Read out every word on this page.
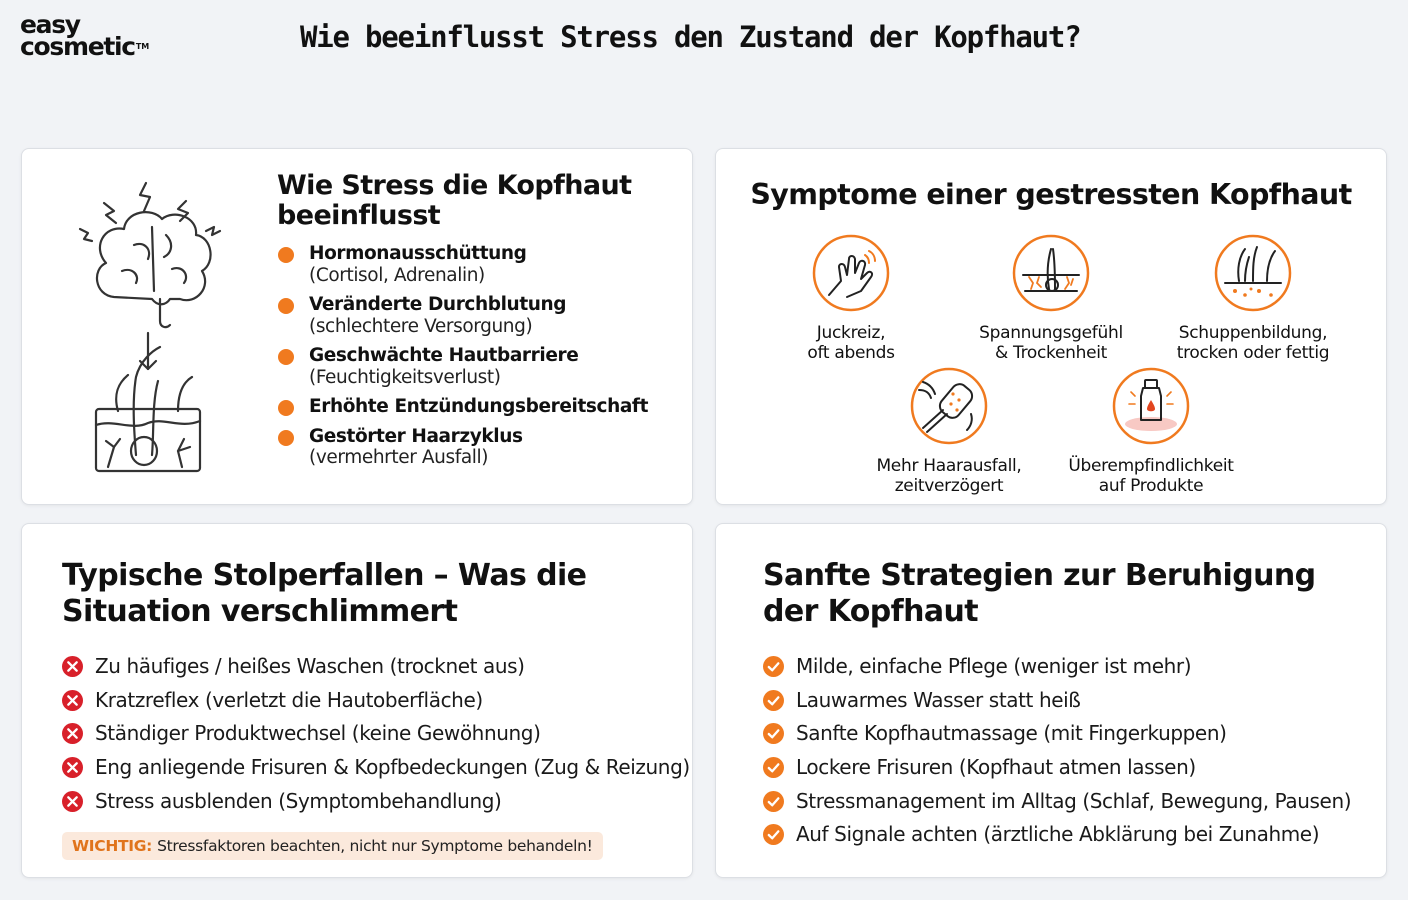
easy
cosmetic™	Wie beeinflusst Stress den Zustand der Kopfhaut?
Wie Stress die Kopfhaut beeinflusst
Hormonausschüttung
(Cortisol, Adrenalin)
Veränderte Durchblutung
(schlechtere Versorgung)
Geschwächte Hautbarriere
(Feuchtigkeitsverlust)
Erhöhte Entzündungsbereitschaft
Gestörter Haarzyklus
(vermehrter Ausfall)
Symptome einer gestressten Kopfhaut
Juckreiz,
oft abends
Spannungsgefühl
& Trockenheit
Schuppenbildung,
trocken oder fettig
Mehr Haarausfall,
zeitverzögert
Überempfindlichkeit
auf Produkte
Typische Stolperfallen – Was die Situation verschlimmert
Zu häufiges / heißes Waschen (trocknet aus)
Kratzreflex (verletzt die Hautoberfläche)
Ständiger Produktwechsel (keine Gewöhnung)
Eng anliegende Frisuren & Kopfbedeckungen (Zug & Reizung)
Stress ausblenden (Symptombehandlung)
WICHTIG: Stressfaktoren beachten, nicht nur Symptome behandeln!
Sanfte Strategien zur Beruhigung der Kopfhaut
Milde, einfache Pflege (weniger ist mehr)
Lauwarmes Wasser statt heiß
Sanfte Kopfhautmassage (mit Fingerkuppen)
Lockere Frisuren (Kopfhaut atmen lassen)
Stressmanagement im Alltag (Schlaf, Bewegung, Pausen)
Auf Signale achten (ärztliche Abklärung bei Zunahme)
